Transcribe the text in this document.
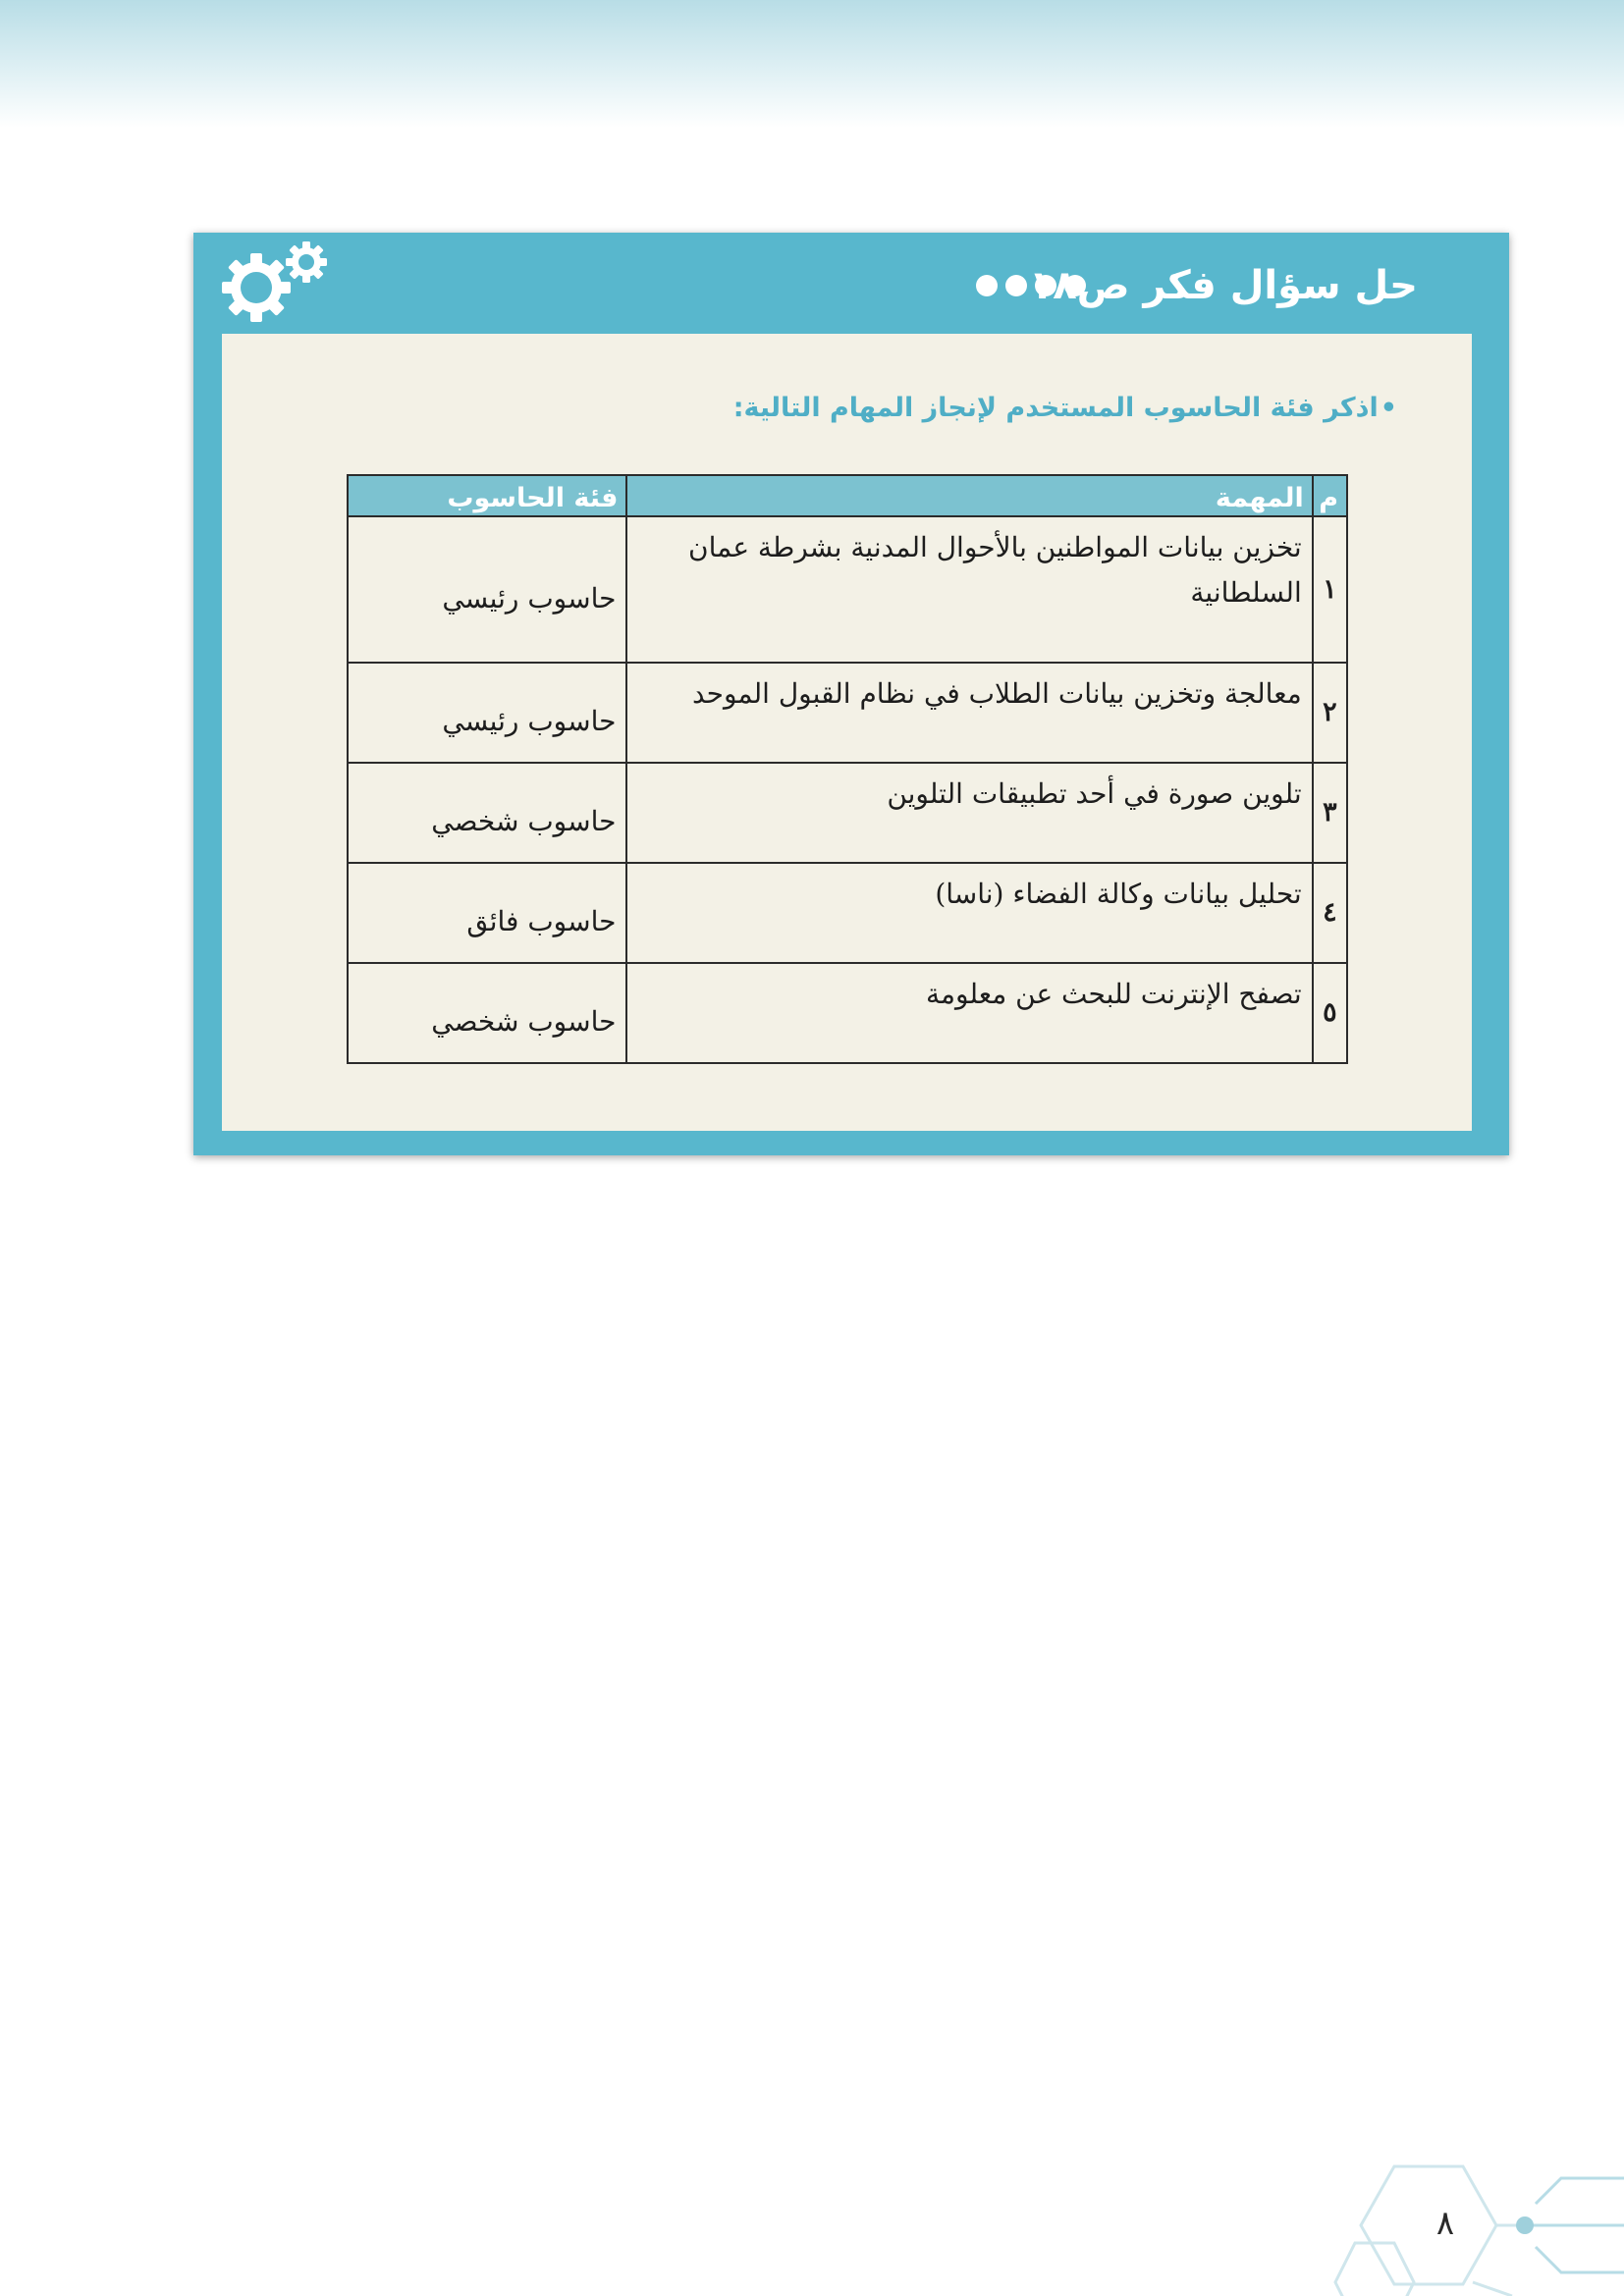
حل سؤال فكر ص١٨
•اذكر فئة الحاسوب المستخدم لإنجاز المهام التالية:
م	المهمة	فئة الحاسوب
١	تخزين بيانات المواطنين بالأحوال المدنية بشرطة عمان السلطانية	حاسوب رئيسي

٢	معالجة وتخزين بيانات الطلاب في نظام القبول الموحد	حاسوب رئيسي

٣	تلوين صورة في أحد تطبيقات التلوين	حاسوب شخصي

٤	تحليل بيانات وكالة الفضاء (ناسا)	حاسوب فائق

٥	تصفح الإنترنت للبحث عن معلومة	حاسوب شخصي
٨
